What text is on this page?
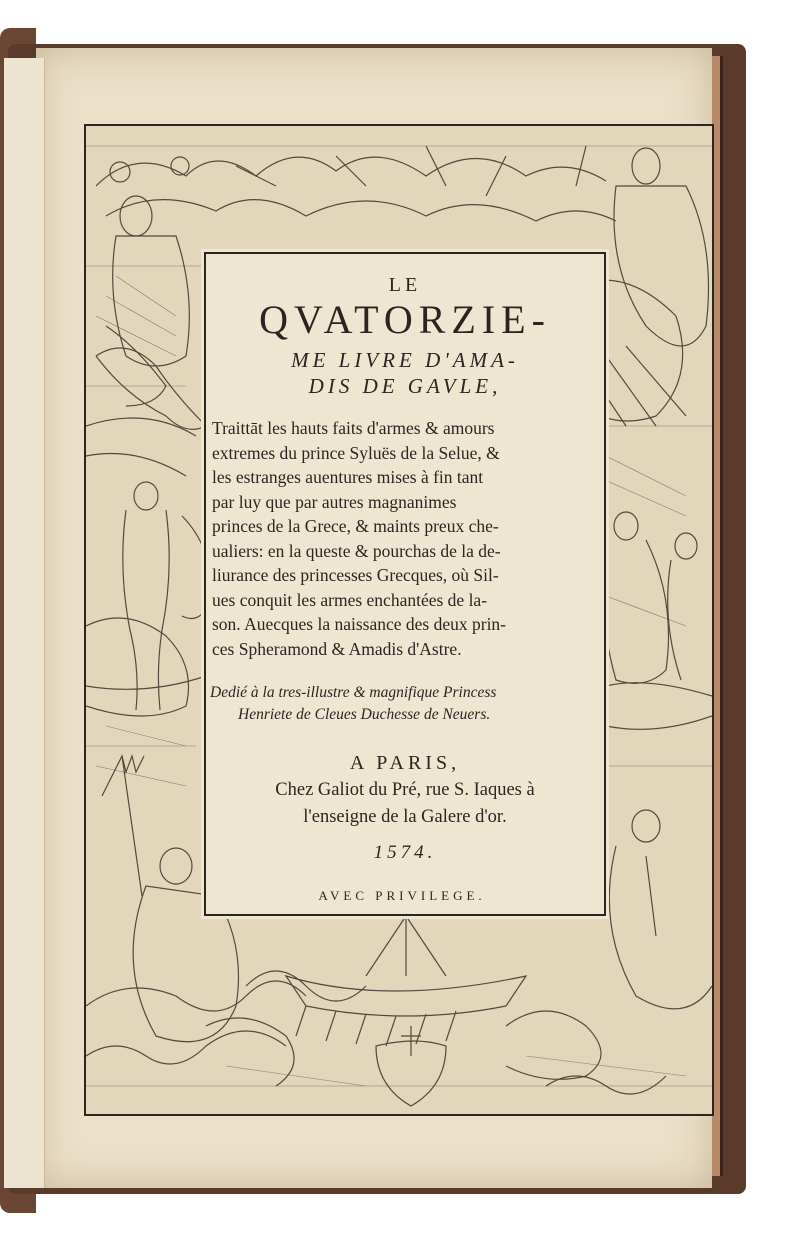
LE
QVATORZIE-
ME LIVRE D'AMA-
DIS DE GAVLE,
Traittāt les hauts faits d'armes & amours
extremes du prince Syluës de la Selue, &
les estranges auentures mises à fin tant
par luy que par autres magnanimes
princes de la Grece, & maints preux che-
ualiers: en la queste & pourchas de la de-
liurance des princesses Grecques, où Sil-
ues conquit les armes enchantées de la-
son. Auecques la naissance des deux prin-
ces Spheramond & Amadis d'Astre.
Dedié à la tres-illustre & magnifique Princess
Henriete de Cleues Duchesse de Neuers.
A PARIS,
Chez Galiot du Pré, rue S. Iaques à
l'enseigne de la Galere d'or.
1574.
AVEC PRIVILEGE.
